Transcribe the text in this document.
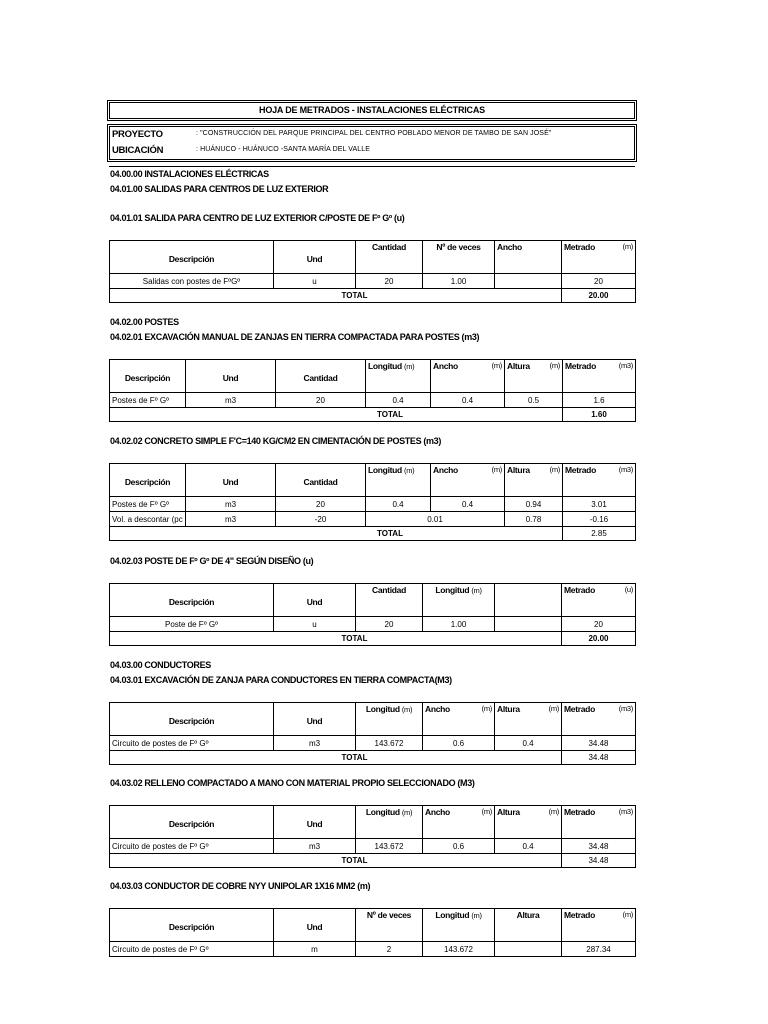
HOJA DE METRADOS - INSTALACIONES ELÉCTRICAS
PROYECTO	: "CONSTRUCCIÓN DEL PARQUE PRINCIPAL DEL CENTRO POBLADO MENOR DE TAMBO DE SAN JOSÉ"
UBICACIÓN	: HUÁNUCO - HUÁNUCO -SANTA MARÍA DEL VALLE
04.00.00 INSTALACIONES ELÉCTRICAS
04.01.00 SALIDAS PARA CENTROS DE LUZ EXTERIOR
04.01.01 SALIDA PARA CENTRO DE LUZ EXTERIOR C/POSTE DE Fº Gº (u)
Descripción	Und	Cantidad	Nº de veces	Ancho	Metrado (m)

Salidas con postes de FºGº	u	20	1.00		20
TOTAL					20.00
04.02.00 POSTES
04.02.01 EXCAVACIÓN MANUAL DE ZANJAS EN TIERRA COMPACTADA PARA POSTES (m3)
Descripción	Und	Cantidad	Longitud (m)	Ancho (m)	Altura (m)	Metrado (m3)

Postes de Fº Gº	m3	20	0.4	0.4	0.5	1.6
TOTAL						1.60
04.02.02 CONCRETO SIMPLE F'C=140 KG/CM2 EN CIMENTACIÓN DE POSTES (m3)
Descripción	Und	Cantidad	Longitud (m)	Ancho (m)	Altura (m)	Metrado (m3)

Postes de Fº Gº	m3	20	0.4	0.4	0.94	3.01
Vol. a descontar (pc	m3	-20	0.01		0.78	-0.16
TOTAL						2.85
04.02.03 POSTE DE Fº Gº DE 4" SEGÚN DISEÑO (u)
Descripción	Und	Cantidad	Longitud (m)		Metrado (u)

Poste de Fº Gº	u	20	1.00		20
TOTAL					20.00
04.03.00 CONDUCTORES
04.03.01 EXCAVACIÓN DE ZANJA PARA CONDUCTORES EN TIERRA COMPACTA(M3)
Descripción	Und	Longitud (m)	Ancho (m)	Altura (m)	Metrado (m3)

Circuito de postes de Fº Gº	m3	143.672	0.6	0.4	34.48
TOTAL					34.48
04.03.02 RELLENO COMPACTADO A MANO CON MATERIAL PROPIO SELECCIONADO (M3)
Descripción	Und	Longitud (m)	Ancho (m)	Altura (m)	Metrado (m3)

Circuito de postes de Fº Gº	m3	143.672	0.6	0.4	34.48
TOTAL					34.48
04.03.03 CONDUCTOR DE COBRE NYY UNIPOLAR 1X16 MM2 (m)
Descripción	Und	Nº de veces	Longitud (m)	Altura	Metrado (m)

Circuito de postes de Fº Gº	m	2	143.672		287.34
